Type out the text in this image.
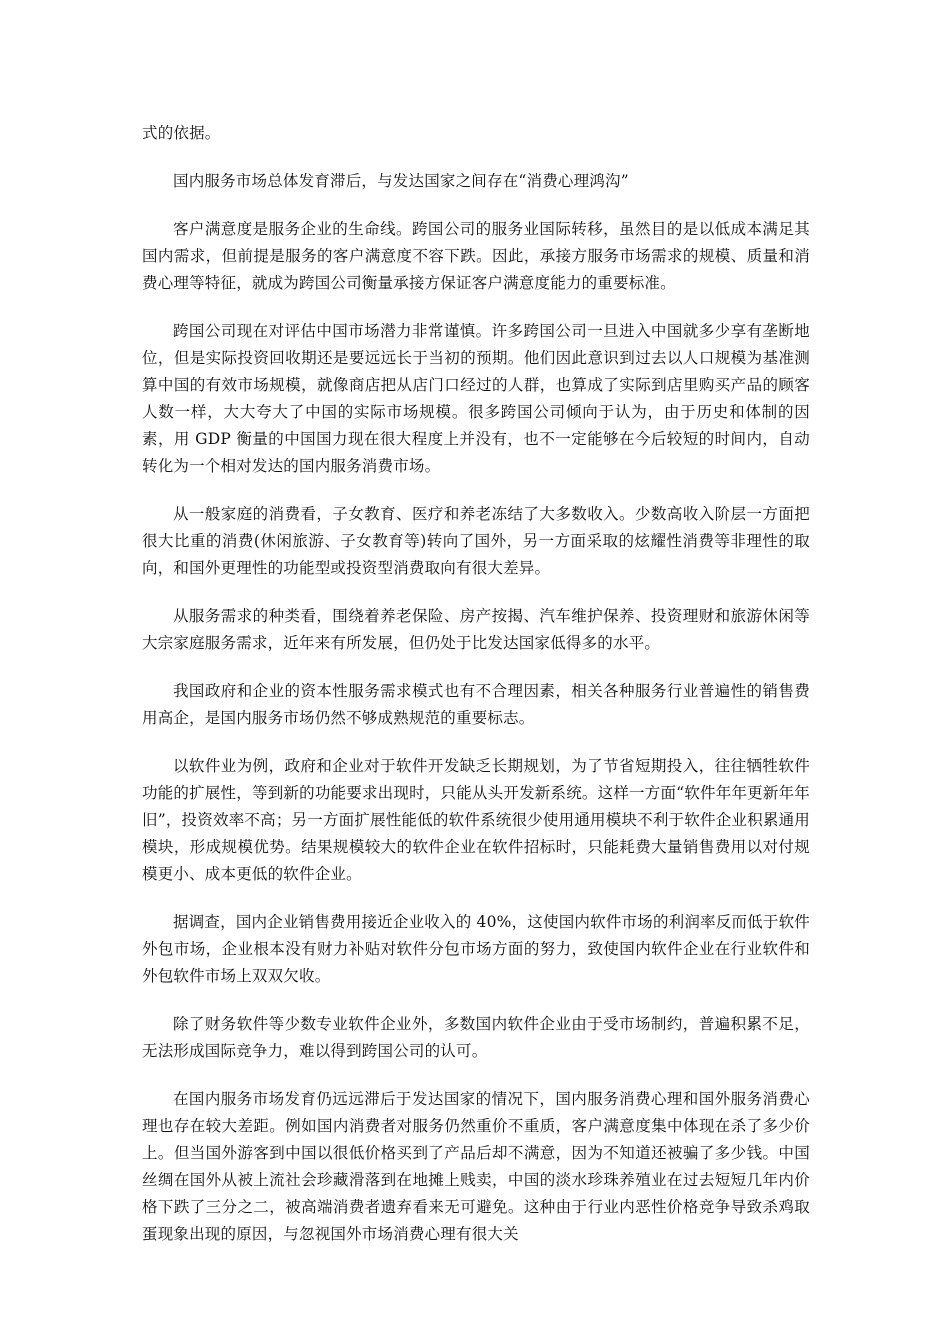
式的依据。

国内服务市场总体发育滞后，与发达国家之间存在“消费心理鸿沟”

客户满意度是服务企业的生命线。跨国公司的服务业国际转移，虽然目的是以低成本满足其国内需求，但前提是服务的客户满意度不容下跌。因此，承接方服务市场需求的规模、质量和消费心理等特征，就成为跨国公司衡量承接方保证客户满意度能力的重要标准。

跨国公司现在对评估中国市场潜力非常谨慎。许多跨国公司一旦进入中国就多少享有垄断地位，但是实际投资回收期还是要远远长于当初的预期。他们因此意识到过去以人口规模为基准测算中国的有效市场规模，就像商店把从店门口经过的人群，也算成了实际到店里购买产品的顾客人数一样，大大夸大了中国的实际市场规模。很多跨国公司倾向于认为，由于历史和体制的因素，用 GDP 衡量的中国国力现在很大程度上并没有，也不一定能够在今后较短的时间内，自动转化为一个相对发达的国内服务消费市场。

从一般家庭的消费看，子女教育、医疗和养老冻结了大多数收入。少数高收入阶层一方面把很大比重的消费(休闲旅游、子女教育等)转向了国外，另一方面采取的炫耀性消费等非理性的取向，和国外更理性的功能型或投资型消费取向有很大差异。

从服务需求的种类看，围绕着养老保险、房产按揭、汽车维护保养、投资理财和旅游休闲等大宗家庭服务需求，近年来有所发展，但仍处于比发达国家低得多的水平。

我国政府和企业的资本性服务需求模式也有不合理因素，相关各种服务行业普遍性的销售费用高企，是国内服务市场仍然不够成熟规范的重要标志。

以软件业为例，政府和企业对于软件开发缺乏长期规划，为了节省短期投入，往往牺牲软件功能的扩展性，等到新的功能要求出现时，只能从头开发新系统。这样一方面“软件年年更新年年旧”，投资效率不高；另一方面扩展性能低的软件系统很少使用通用模块不利于软件企业积累通用模块，形成规模优势。结果规模较大的软件企业在软件招标时，只能耗费大量销售费用以对付规模更小、成本更低的软件企业。

据调查，国内企业销售费用接近企业收入的 40%，这使国内软件市场的利润率反而低于软件外包市场，企业根本没有财力补贴对软件分包市场方面的努力，致使国内软件企业在行业软件和外包软件市场上双双欠收。

除了财务软件等少数专业软件企业外，多数国内软件企业由于受市场制约，普遍积累不足，无法形成国际竞争力，难以得到跨国公司的认可。

在国内服务市场发育仍远远滞后于发达国家的情况下，国内服务消费心理和国外服务消费心理也存在较大差距。例如国内消费者对服务仍然重价不重质，客户满意度集中体现在杀了多少价上。但当国外游客到中国以很低价格买到了产品后却不满意，因为不知道还被骗了多少钱。中国丝绸在国外从被上流社会珍藏滑落到在地摊上贱卖，中国的淡水珍珠养殖业在过去短短几年内价格下跌了三分之二，被高端消费者遗弃看来无可避免。这种由于行业内恶性价格竞争导致杀鸡取蛋现象出现的原因，与忽视国外市场消费心理有很大关
